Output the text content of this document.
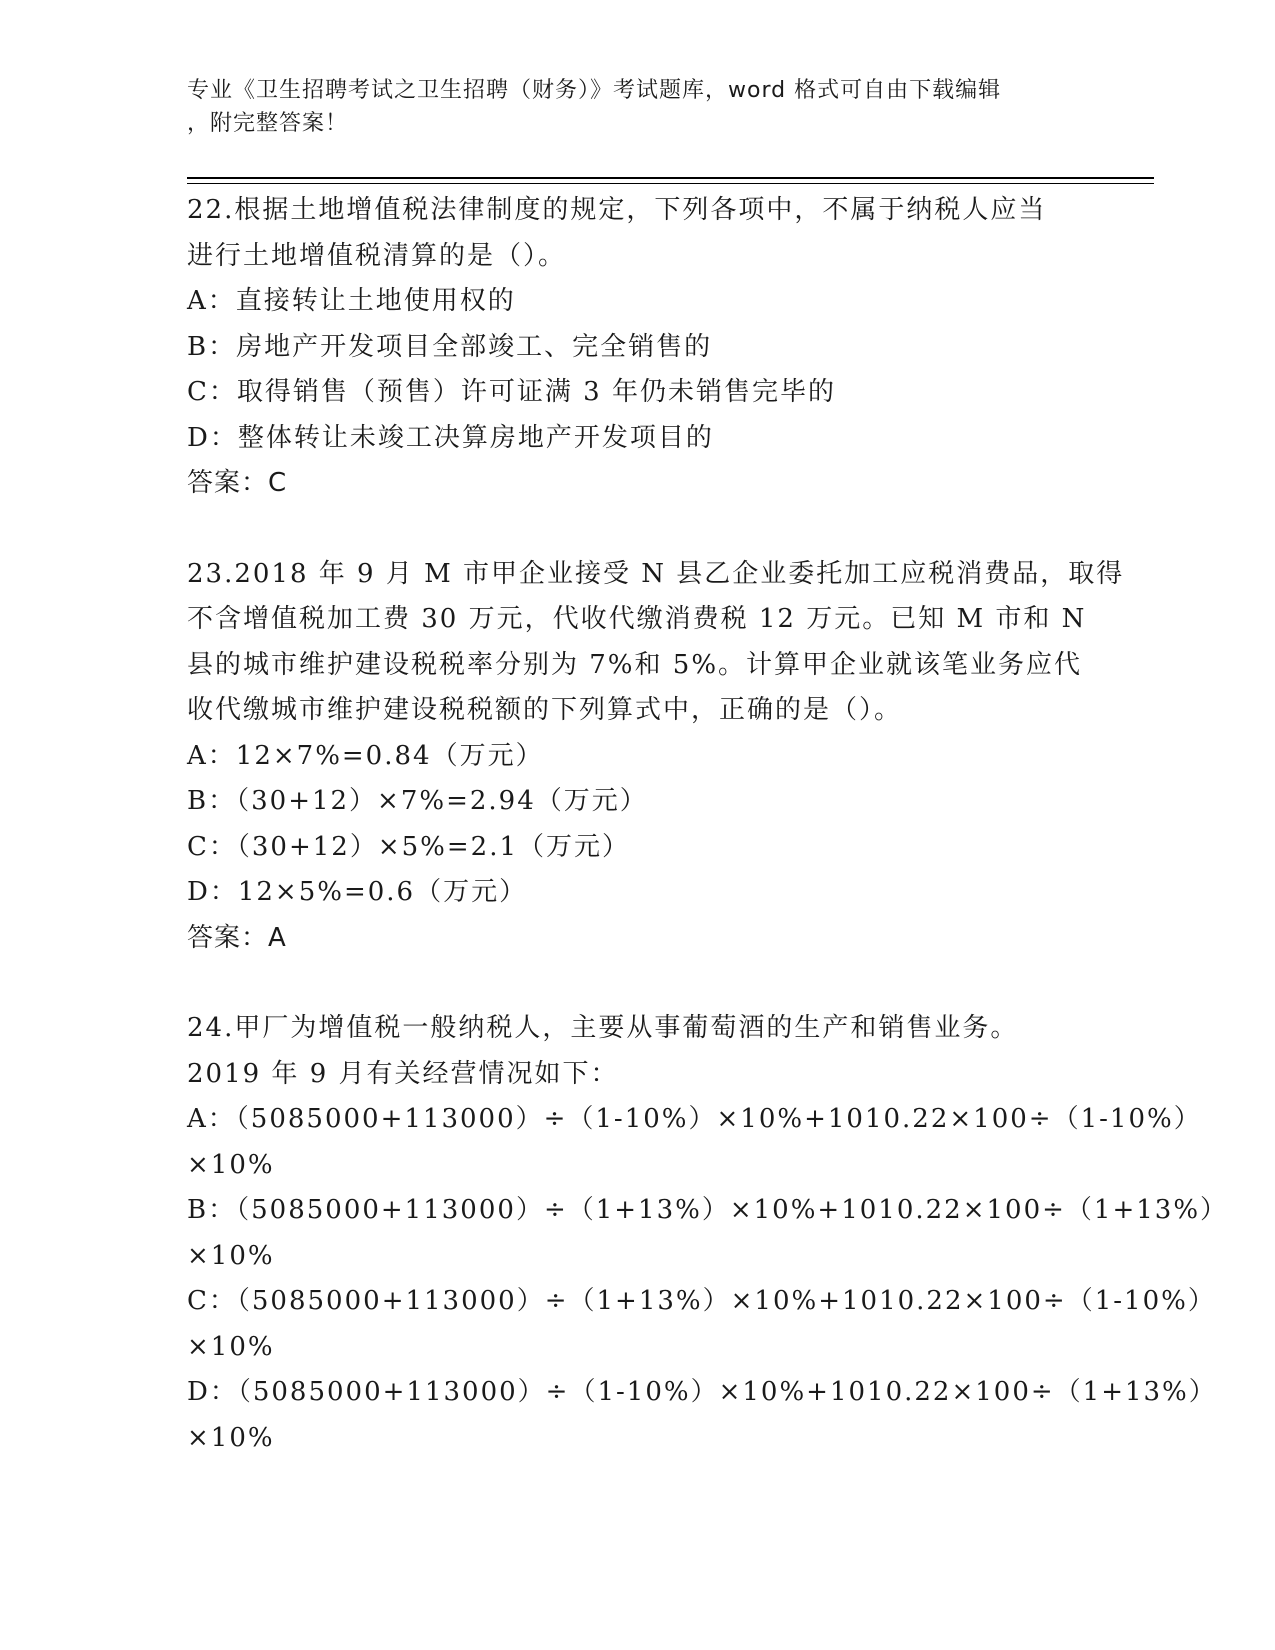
专业《卫生招聘考试之卫生招聘（财务）》考试题库，word 格式可自由下载编辑
，附完整答案！
22.根据土地增值税法律制度的规定，下列各项中，不属于纳税人应当
进行土地增值税清算的是（）。
A：直接转让土地使用权的
B：房地产开发项目全部竣工、完全销售的
C：取得销售（预售）许可证满 3 年仍未销售完毕的
D：整体转让未竣工决算房地产开发项目的
答案：C
23.2018 年 9 月 M 市甲企业接受 N 县乙企业委托加工应税消费品，取得
不含增值税加工费 30 万元，代收代缴消费税 12 万元。已知 M 市和 N
县的城市维护建设税税率分别为 7%和 5%。计算甲企业就该笔业务应代
收代缴城市维护建设税税额的下列算式中，正确的是（）。
A：12×7%=0.84（万元）
B：（30+12）×7%=2.94（万元）
C：（30+12）×5%=2.1（万元）
D：12×5%=0.6（万元）
答案：A
24.甲厂为增值税一般纳税人，主要从事葡萄酒的生产和销售业务。
2019 年 9 月有关经营情况如下：
A：（5085000+113000）÷（1-10%）×10%+1010.22×100÷（1-10%）
×10%
B：（5085000+113000）÷（1+13%）×10%+1010.22×100÷（1+13%）
×10%
C：（5085000+113000）÷（1+13%）×10%+1010.22×100÷（1-10%）
×10%
D：（5085000+113000）÷（1-10%）×10%+1010.22×100÷（1+13%）
×10%
